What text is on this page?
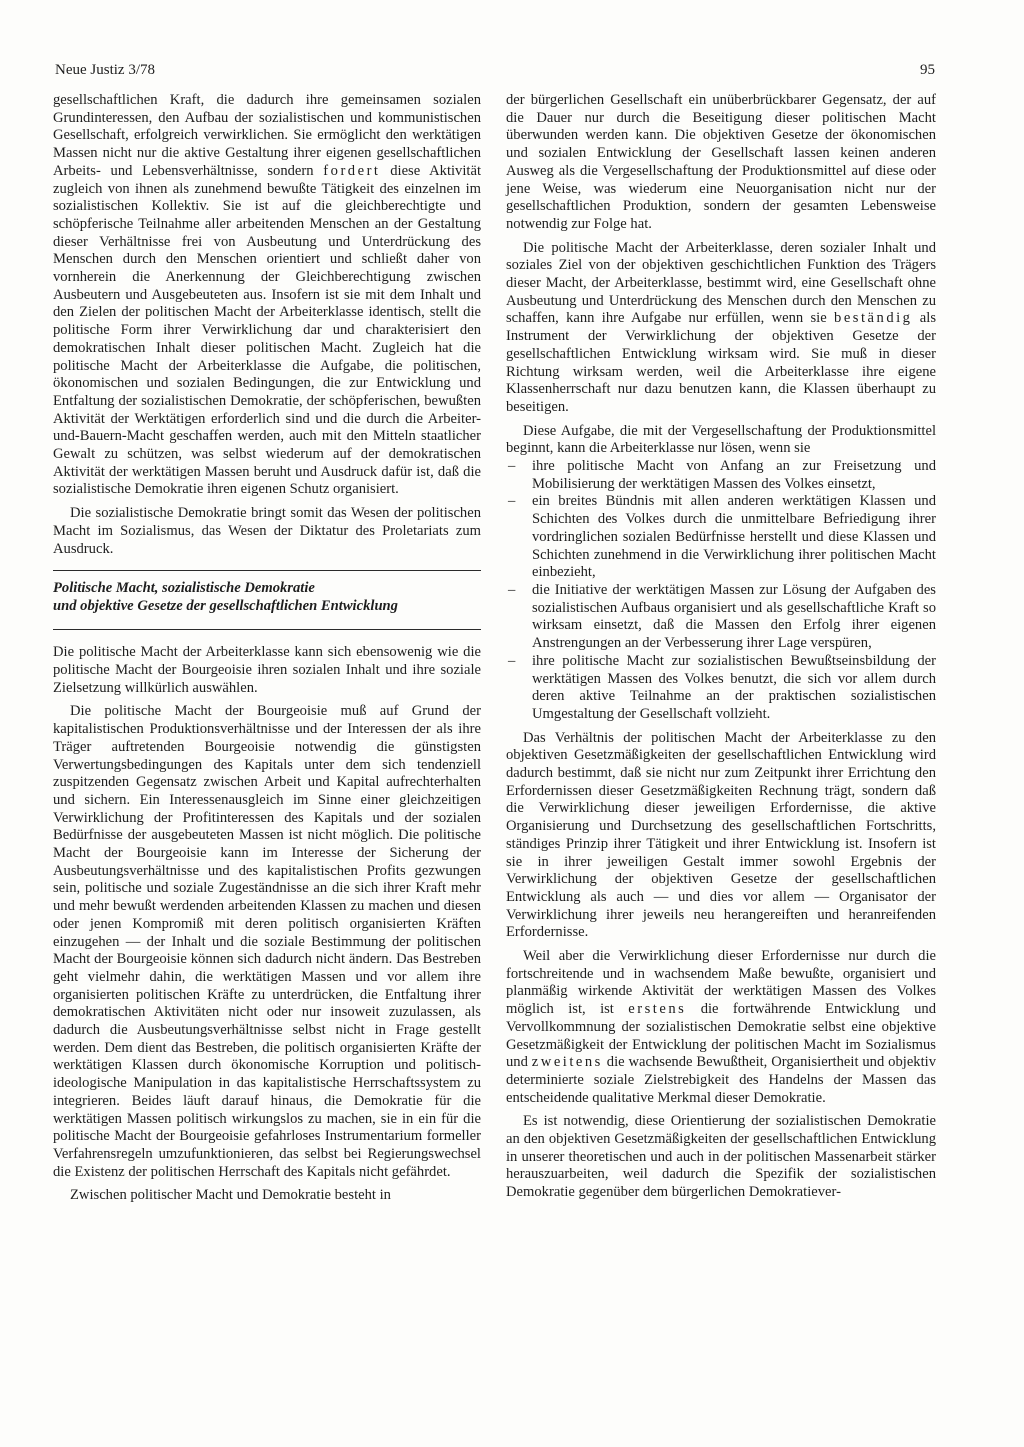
Neue Justiz 3/78	95

gesellschaftlichen Kraft, die dadurch ihre gemeinsamen sozialen Grundinteressen, den Aufbau der sozialistischen und kommunistischen Gesellschaft, erfolgreich verwirklichen. Sie ermöglicht den werktätigen Massen nicht nur die aktive Gestaltung ihrer eigenen gesellschaftlichen Arbeits- und Lebensverhältnisse, sondern fordert diese Aktivität zugleich von ihnen als zunehmend bewußte Tätigkeit des einzelnen im sozialistischen Kollektiv. Sie ist auf die gleichberechtigte und schöpferische Teilnahme aller arbeitenden Menschen an der Gestaltung dieser Verhältnisse frei von Ausbeutung und Unterdrückung des Menschen durch den Menschen orientiert und schließt daher von vornherein die Anerkennung der Gleichberechtigung zwischen Ausbeutern und Ausgebeuteten aus. Insofern ist sie mit dem Inhalt und den Zielen der politischen Macht der Arbeiterklasse identisch, stellt die politische Form ihrer Verwirklichung dar und charakterisiert den demokratischen Inhalt dieser politischen Macht. Zugleich hat die politische Macht der Arbeiterklasse die Aufgabe, die politischen, ökonomischen und sozialen Bedingungen, die zur Entwicklung und Entfaltung der sozialistischen Demokratie, der schöpferischen, bewußten Aktivität der Werktätigen erforderlich sind und die durch die Arbeiter-und-Bauern-Macht geschaffen werden, auch mit den Mitteln staatlicher Gewalt zu schützen, was selbst wiederum auf der demokratischen Aktivität der werktätigen Massen beruht und Ausdruck dafür ist, daß die sozialistische Demokratie ihren eigenen Schutz organisiert.

Die sozialistische Demokratie bringt somit das Wesen der politischen Macht im Sozialismus, das Wesen der Diktatur des Proletariats zum Ausdruck.

Politische Macht, sozialistische Demokratie
und objektive Gesetze der gesellschaftlichen Entwicklung

Die politische Macht der Arbeiterklasse kann sich ebensowenig wie die politische Macht der Bourgeoisie ihren sozialen Inhalt und ihre soziale Zielsetzung willkürlich auswählen.

Die politische Macht der Bourgeoisie muß auf Grund der kapitalistischen Produktionsverhältnisse und der Interessen der als ihre Träger auftretenden Bourgeoisie notwendig die günstigsten Verwertungsbedingungen des Kapitals unter dem sich tendenziell zuspitzenden Gegensatz zwischen Arbeit und Kapital aufrechterhalten und sichern. Ein Interessenausgleich im Sinne einer gleichzeitigen Verwirklichung der Profitinteressen des Kapitals und der sozialen Bedürfnisse der ausgebeuteten Massen ist nicht möglich. Die politische Macht der Bourgeoisie kann im Interesse der Sicherung der Ausbeutungsverhältnisse und des kapitalistischen Profits gezwungen sein, politische und soziale Zugeständnisse an die sich ihrer Kraft mehr und mehr bewußt werdenden arbeitenden Klassen zu machen und diesen oder jenen Kompromiß mit deren politisch organisierten Kräften einzugehen — der Inhalt und die soziale Bestimmung der politischen Macht der Bourgeoisie können sich dadurch nicht ändern. Das Bestreben geht vielmehr dahin, die werktätigen Massen und vor allem ihre organisierten politischen Kräfte zu unterdrücken, die Entfaltung ihrer demokratischen Aktivitäten nicht oder nur insoweit zuzulassen, als dadurch die Ausbeutungsverhältnisse selbst nicht in Frage gestellt werden. Dem dient das Bestreben, die politisch organisierten Kräfte der werktätigen Klassen durch ökonomische Korruption und politisch-ideologische Manipulation in das kapitalistische Herrschaftssystem zu integrieren. Beides läuft darauf hinaus, die Demokratie für die werktätigen Massen politisch wirkungslos zu machen, sie in ein für die politische Macht der Bourgeoisie gefahrloses Instrumentarium formeller Verfahrensregeln umzufunktionieren, das selbst bei Regierungswechsel die Existenz der politischen Herrschaft des Kapitals nicht gefährdet.

Zwischen politischer Macht und Demokratie besteht in

der bürgerlichen Gesellschaft ein unüberbrückbarer Gegensatz, der auf die Dauer nur durch die Beseitigung dieser politischen Macht überwunden werden kann. Die objektiven Gesetze der ökonomischen und sozialen Entwicklung der Gesellschaft lassen keinen anderen Ausweg als die Vergesellschaftung der Produktionsmittel auf diese oder jene Weise, was wiederum eine Neuorganisation nicht nur der gesellschaftlichen Produktion, sondern der gesamten Lebensweise notwendig zur Folge hat.

Die politische Macht der Arbeiterklasse, deren sozialer Inhalt und soziales Ziel von der objektiven geschichtlichen Funktion des Trägers dieser Macht, der Arbeiterklasse, bestimmt wird, eine Gesellschaft ohne Ausbeutung und Unterdrückung des Menschen durch den Menschen zu schaffen, kann ihre Aufgabe nur erfüllen, wenn sie beständig als Instrument der Verwirklichung der objektiven Gesetze der gesellschaftlichen Entwicklung wirksam wird. Sie muß in dieser Richtung wirksam werden, weil die Arbeiterklasse ihre eigene Klassenherrschaft nur dazu benutzen kann, die Klassen überhaupt zu beseitigen.

Diese Aufgabe, die mit der Vergesellschaftung der Produktionsmittel beginnt, kann die Arbeiterklasse nur lösen, wenn sie

– ihre politische Macht von Anfang an zur Freisetzung und Mobilisierung der werktätigen Massen des Volkes einsetzt,
– ein breites Bündnis mit allen anderen werktätigen Klassen und Schichten des Volkes durch die unmittelbare Befriedigung ihrer vordringlichen sozialen Bedürfnisse herstellt und diese Klassen und Schichten zunehmend in die Verwirklichung ihrer politischen Macht einbezieht,
– die Initiative der werktätigen Massen zur Lösung der Aufgaben des sozialistischen Aufbaus organisiert und als gesellschaftliche Kraft so wirksam einsetzt, daß die Massen den Erfolg ihrer eigenen Anstrengungen an der Verbesserung ihrer Lage verspüren,
– ihre politische Macht zur sozialistischen Bewußtseinsbildung der werktätigen Massen des Volkes benutzt, die sich vor allem durch deren aktive Teilnahme an der praktischen sozialistischen Umgestaltung der Gesellschaft vollzieht.

Das Verhältnis der politischen Macht der Arbeiterklasse zu den objektiven Gesetzmäßigkeiten der gesellschaftlichen Entwicklung wird dadurch bestimmt, daß sie nicht nur zum Zeitpunkt ihrer Errichtung den Erfordernissen dieser Gesetzmäßigkeiten Rechnung trägt, sondern daß die Verwirklichung dieser jeweiligen Erfordernisse, die aktive Organisierung und Durchsetzung des gesellschaftlichen Fortschritts, ständiges Prinzip ihrer Tätigkeit und ihrer Entwicklung ist. Insofern ist sie in ihrer jeweiligen Gestalt immer sowohl Ergebnis der Verwirklichung der objektiven Gesetze der gesellschaftlichen Entwicklung als auch — und dies vor allem — Organisator der Verwirklichung ihrer jeweils neu herangereiften und heranreifenden Erfordernisse.

Weil aber die Verwirklichung dieser Erfordernisse nur durch die fortschreitende und in wachsendem Maße bewußte, organisiert und planmäßig wirkende Aktivität der werktätigen Massen des Volkes möglich ist, ist erstens die fortwährende Entwicklung und Vervollkommnung der sozialistischen Demokratie selbst eine objektive Gesetzmäßigkeit der Entwicklung der politischen Macht im Sozialismus und zweitens die wachsende Bewußtheit, Organisiertheit und objektiv determinierte soziale Zielstrebigkeit des Handelns der Massen das entscheidende qualitative Merkmal dieser Demokratie.

Es ist notwendig, diese Orientierung der sozialistischen Demokratie an den objektiven Gesetzmäßigkeiten der gesellschaftlichen Entwicklung in unserer theoretischen und auch in der politischen Massenarbeit stärker herauszuarbeiten, weil dadurch die Spezifik der sozialistischen Demokratie gegenüber dem bürgerlichen Demokratiever-
